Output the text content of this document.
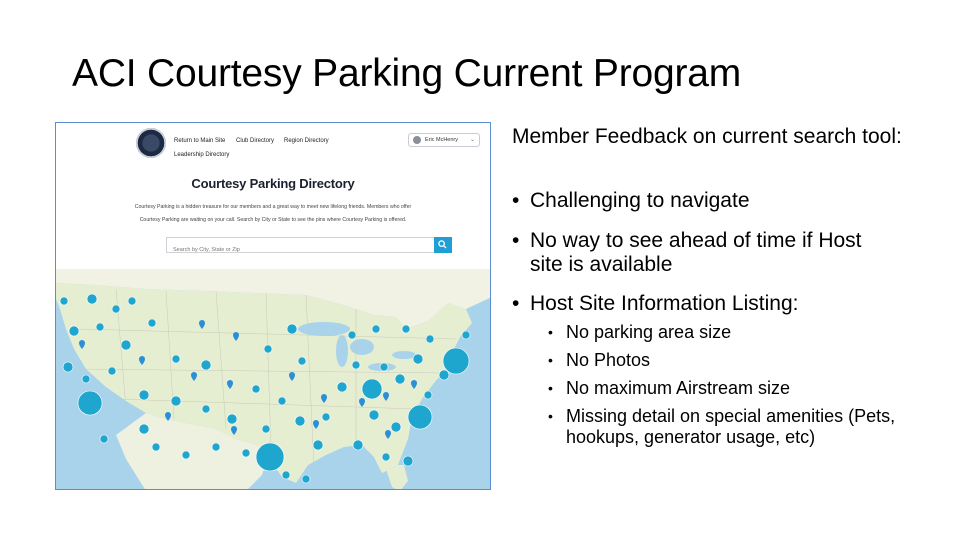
ACI Courtesy Parking Current Program
Return to Main Site Club Directory Region Directory
Leadership Directory
Eric McHenry ⌄
Courtesy Parking Directory
Courtesy Parking is a hidden treasure for our members and a great way to meet new lifelong friends. Members who offer
Courtesy Parking are waiting on your call. Search by City or State to see the pins where Courtesy Parking is offered.
Search by City, State or Zip
Member Feedback on current search tool:
• Challenging to navigate
• No way to see ahead of time if Host site is available
• Host Site Information Listing:
• No parking area size
• No Photos
• No maximum Airstream size
• Missing detail on special amenities (Pets, hookups, generator usage, etc)
